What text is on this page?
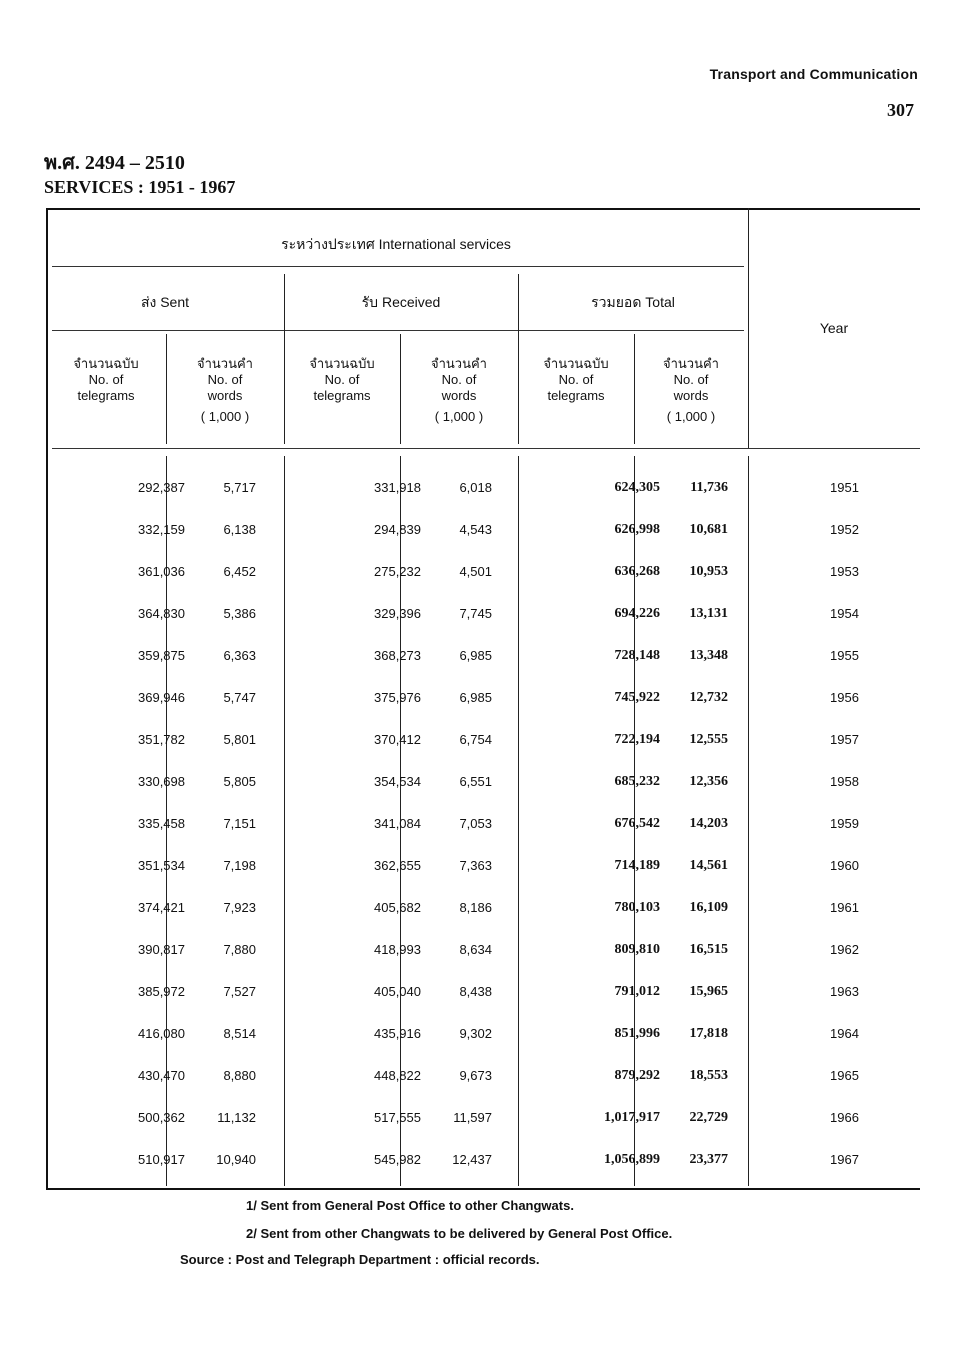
Transport and Communication
307
พ.ศ. 2494 – 2510
SERVICES : 1951 - 1967
ระหว่างประเทศ International services
ส่ง Sent	รับ Received	รวมยอด Total
Year
จำนวนฉบับ
No. of
telegrams
จำนวนคำ
No. of
words
( 1,000 )
จำนวนฉบับ
No. of
telegrams
จำนวนคำ
No. of
words
( 1,000 )
จำนวนฉบับ
No. of
telegrams
จำนวนคำ
No. of
words
( 1,000 )
292,387	5,717	331,918	6,018	624,305 11,736	1951
332,159	6,138	294,839	4,543	626,998 10,681	1952
361,036	6,452	275,232	4,501	636,268 10,953	1953
364,830	5,386	329,396	7,745	694,226 13,131	1954
359,875	6,363	368,273	6,985	728,148 13,348	1955
369,946	5,747	375,976	6,985	745,922 12,732	1956
351,782	5,801	370,412	6,754	722,194 12,555	1957
330,698	5,805	354,534	6,551	685,232 12,356	1958
335,458	7,151	341,084	7,053	676,542 14,203	1959
351,534	7,198	362,655	7,363	714,189 14,561	1960
374,421	7,923	405,682	8,186	780,103 16,109	1961
390,817	7,880	418,993	8,634	809,810 16,515	1962
385,972	7,527	405,040	8,438	791,012 15,965	1963
416,080	8,514	435,916	9,302	851,996 17,818	1964
430,470	8,880	448,822	9,673	879,292 18,553	1965
500,362 11,132	517,555 11,597	1,017,917 22,729	1966
510,917 10,940	545,982 12,437	1,056,899 23,377	1967
1/ Sent from General Post Office to other Changwats.
2/ Sent from other Changwats to be delivered by General Post Office.
Source : Post and Telegraph Department : official records.
